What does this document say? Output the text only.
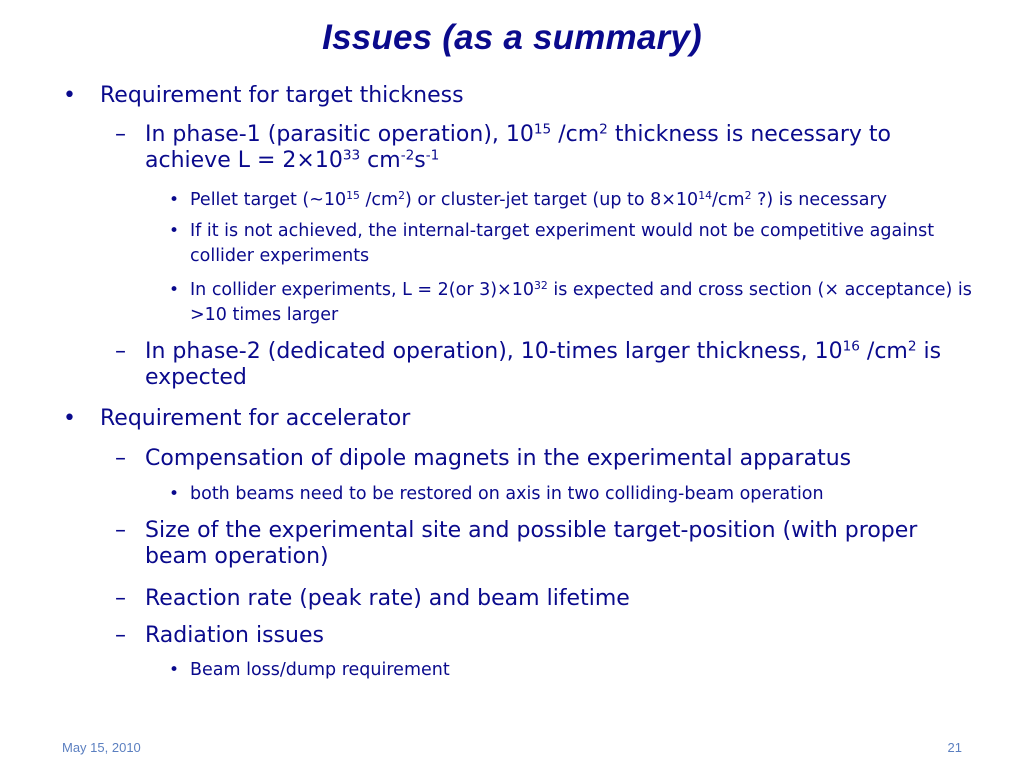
Issues (as a summary)
• Requirement for target thickness
– In phase-1 (parasitic operation), $10^{15}$ $/cm^2$ thickness is necessary to achieve $L = 2\times 10^{33}$ $cm^{-2}s^{-1}$
• Pellet target ($\sim 10^{15}$ $/cm^2$) or cluster-jet target (up to $8\times 10^{14}/cm^2$ ?) is necessary
• If it is not achieved, the internal-target experiment would not be competitive against collider experiments
• In collider experiments, L = 2(or $3)\times 10^{32}$ is expected and cross section (× acceptance) is >10 times larger
– In phase-2 (dedicated operation), 10-times larger thickness, $10^{16}$ $/cm^2$ is expected
• Requirement for accelerator
– Compensation of dipole magnets in the experimental apparatus
• both beams need to be restored on axis in two colliding-beam operation
– Size of the experimental site and possible target-position (with proper beam operation)
– Reaction rate (peak rate) and beam lifetime
– Radiation issues
• Beam loss/dump requirement
May 15, 2010	21
